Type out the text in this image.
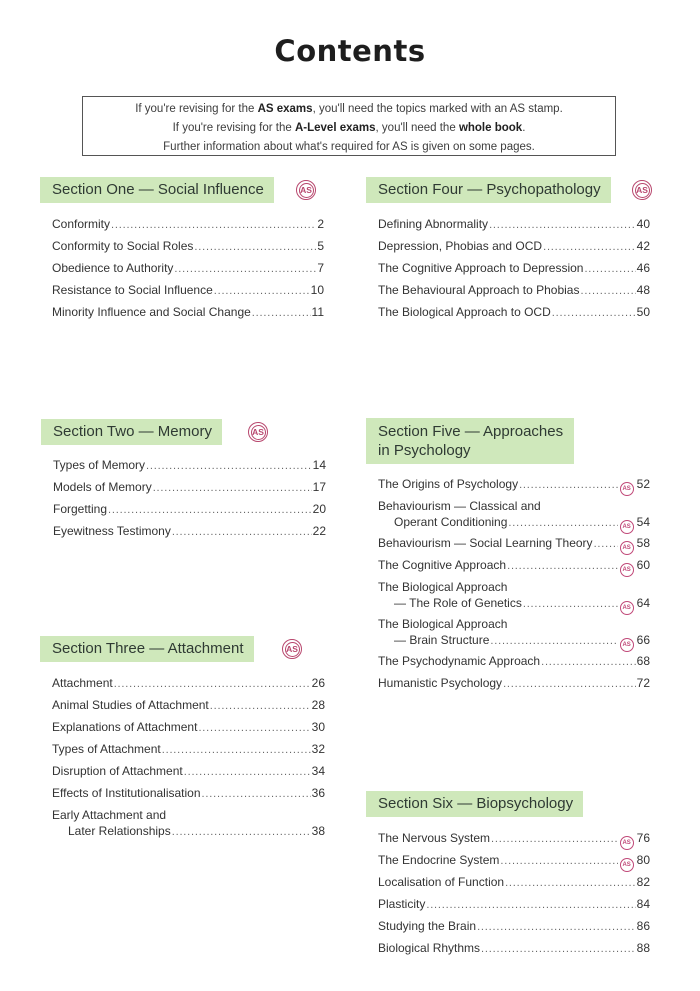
Contents
If you're revising for the AS exams, you'll need the topics marked with an AS stamp.
If you're revising for the A-Level exams, you'll need the whole book.
Further information about what's required for AS is given on some pages.
Section One — Social Influence	AS
Conformity .....	2
Conformity to Social Roles .....	5
Obedience to Authority .....	7
Resistance to Social Influence .....	10
Minority Influence and Social Change .....	11
Section Two — Memory	AS
Types of Memory .....	14
Models of Memory .....	17
Forgetting .....	20
Eyewitness Testimony .....	22
Section Three — Attachment	AS
Attachment .....	26
Animal Studies of Attachment .....	28
Explanations of Attachment .....	30
Types of Attachment .....	32
Disruption of Attachment .....	34
Effects of Institutionalisation .....	36
Early Attachment and
Later Relationships .....	38
Section Four — Psychopathology	AS
Defining Abnormality .....	40
Depression, Phobias and OCD .....	42
The Cognitive Approach to Depression .....	46
The Behavioural Approach to Phobias .....	48
The Biological Approach to OCD .....	50
Section Five — Approaches
in Psychology
The Origins of Psychology .....	AS 52
Behaviourism — Classical and
Operant Conditioning .....	AS 54
Behaviourism — Social Learning Theory .....	AS 58
The Cognitive Approach .....	AS 60
The Biological Approach
— The Role of Genetics .....	AS 64
The Biological Approach
— Brain Structure .....	AS 66
The Psychodynamic Approach .....	68
Humanistic Psychology .....	72
Section Six — Biopsychology
The Nervous System .....	AS 76
The Endocrine System .....	AS 80
Localisation of Function .....	82
Plasticity .....	84
Studying the Brain .....	86
Biological Rhythms .....	88
